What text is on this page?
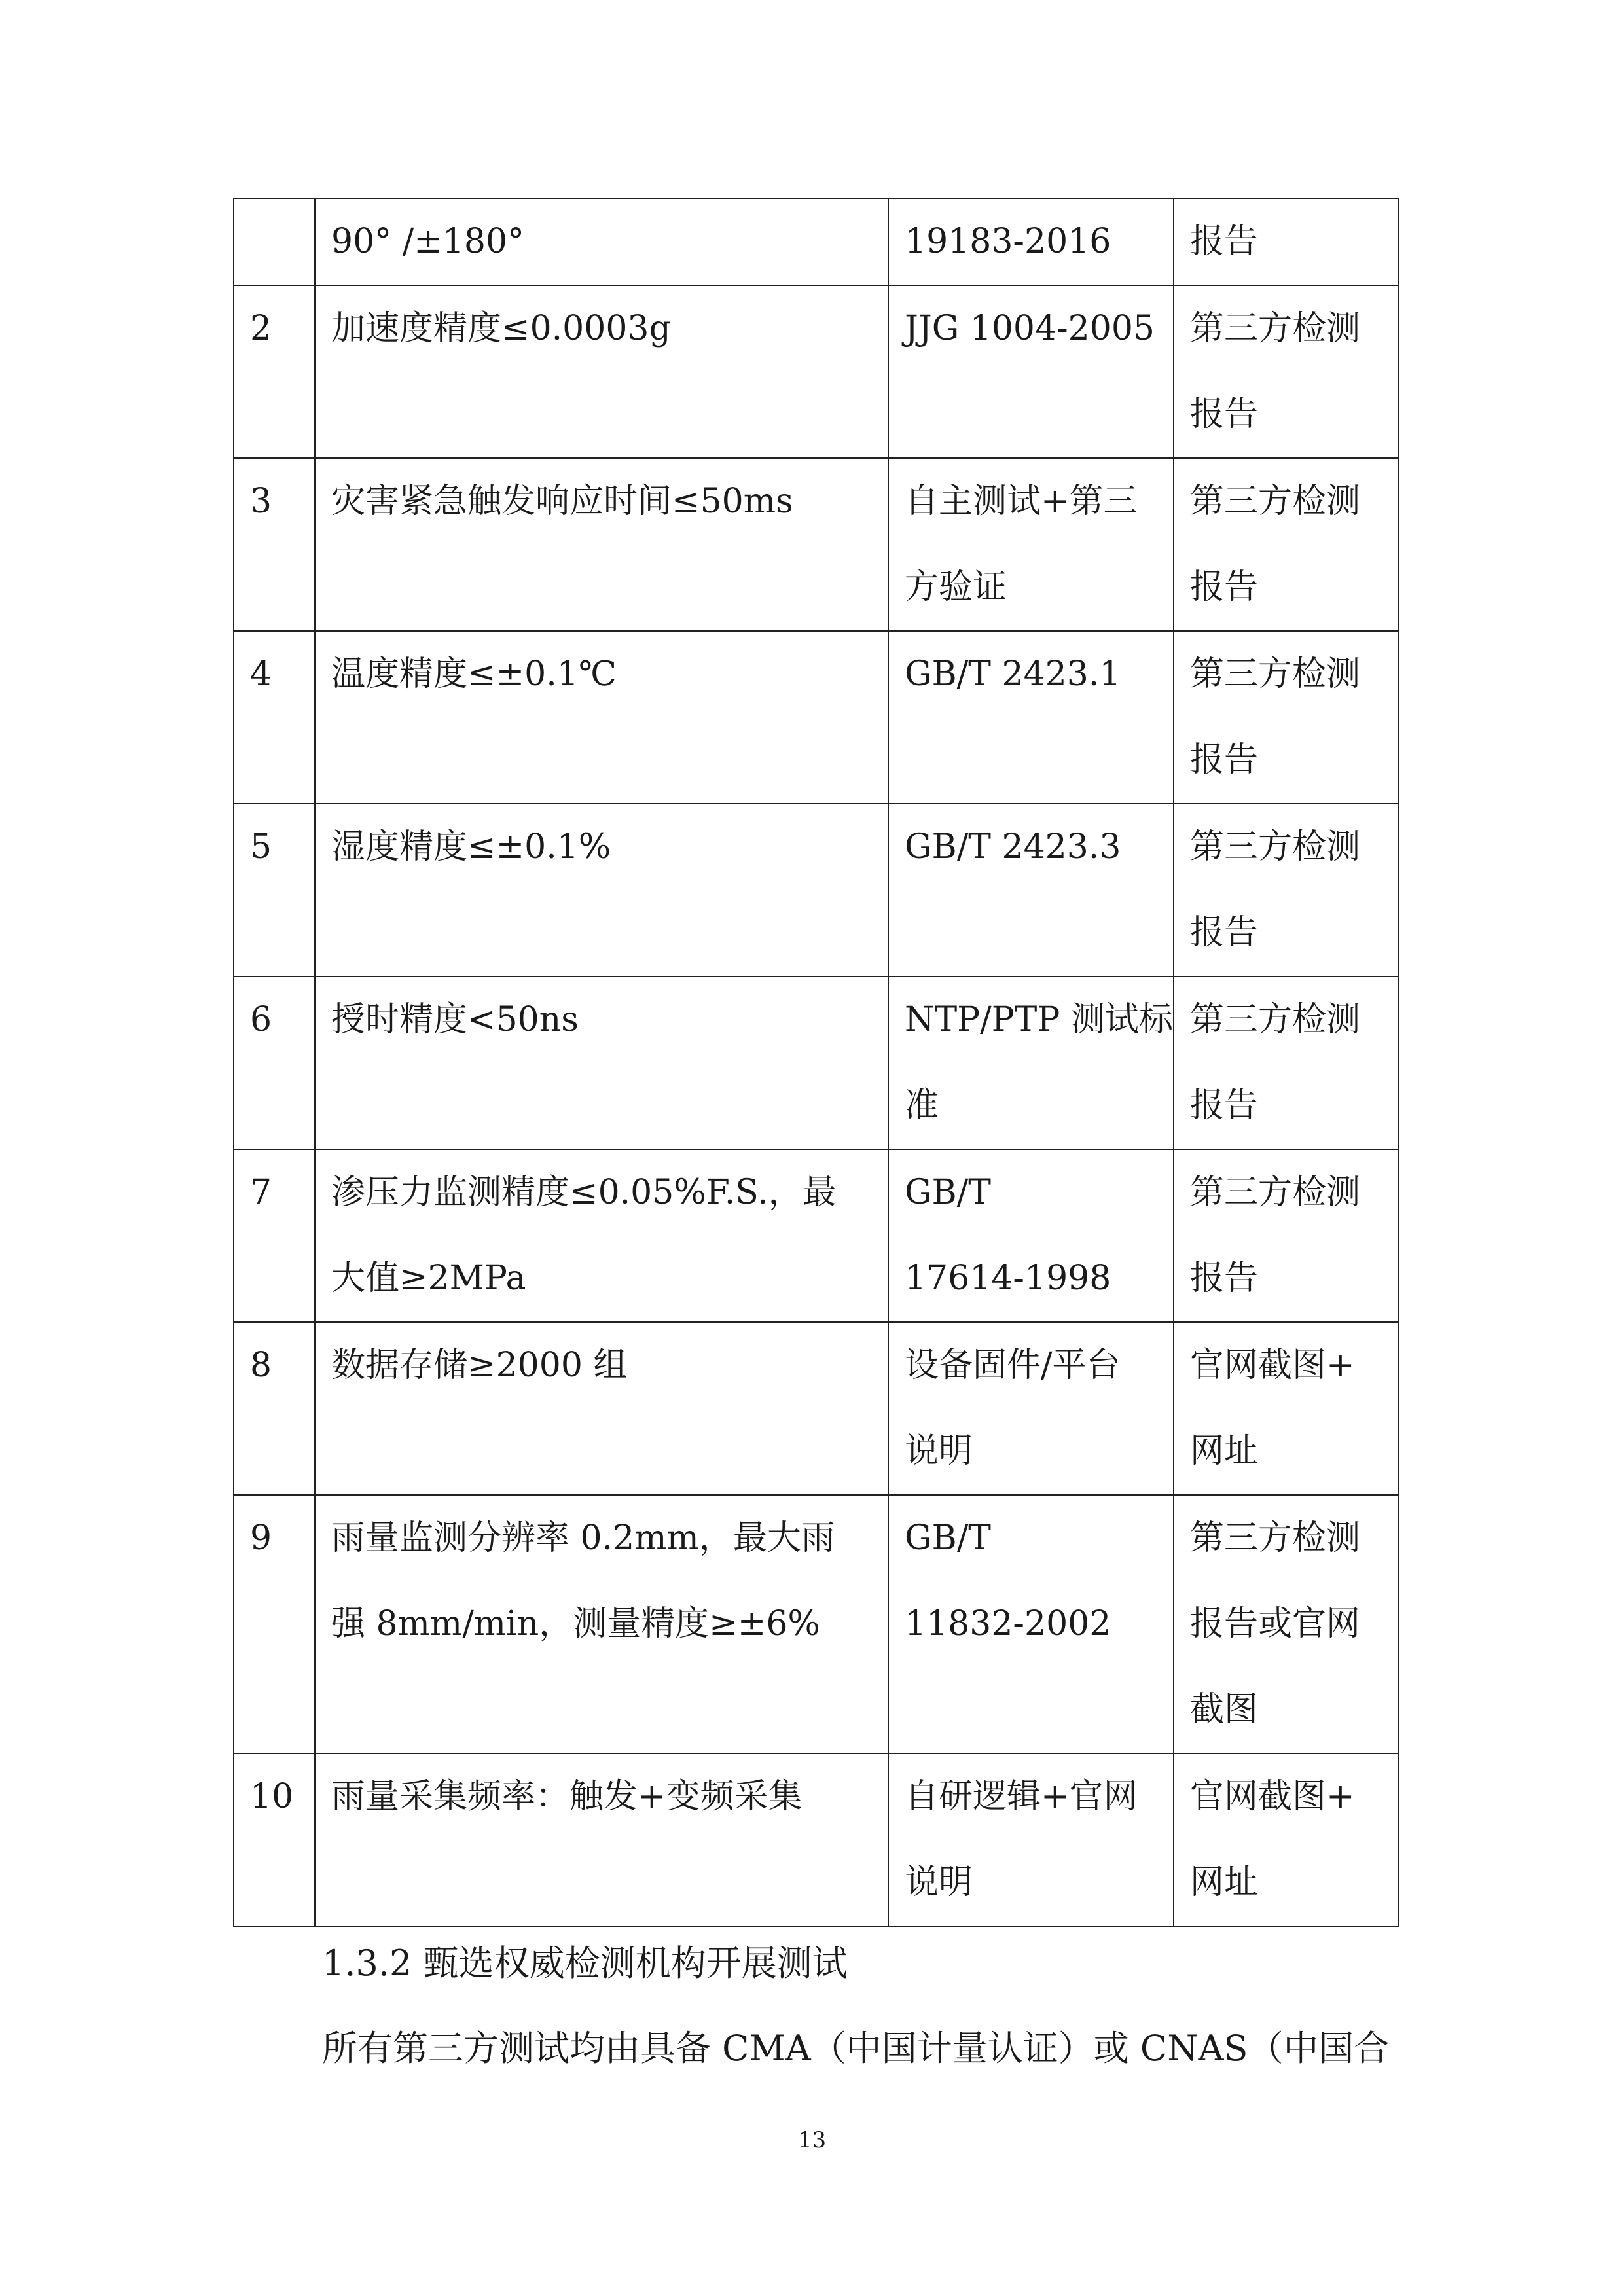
	90° /±180°	19183-2016	报告

2	加速度精度≤0.0003g	JJG 1004-2005	第三方检测
报告

3	灾害紧急触发响应时间≤50ms	自主测试+第三
方验证	第三方检测
报告

4	温度精度≤±0.1℃	GB/T 2423.1	第三方检测
报告

5	湿度精度≤±0.1%	GB/T 2423.3	第三方检测
报告

6	授时精度<50ns	NTP/PTP 测试标
准	第三方检测
报告

7	渗压力监测精度≤0.05%F.S.，最
大值≥2MPa	GB/T
17614-1998	第三方检测
报告

8	数据存储≥2000 组	设备固件/平台
说明	官网截图+
网址

9	雨量监测分辨率 0.2mm，最大雨
强 8mm/min，测量精度≥±6%	GB/T
11832-2002	第三方检测
报告或官网
截图

10	雨量采集频率：触发+变频采集	自研逻辑+官网
说明	官网截图+
网址
1.3.2 甄选权威检测机构开展测试
所有第三方测试均由具备 CMA（中国计量认证）或 CNAS（中国合
13
